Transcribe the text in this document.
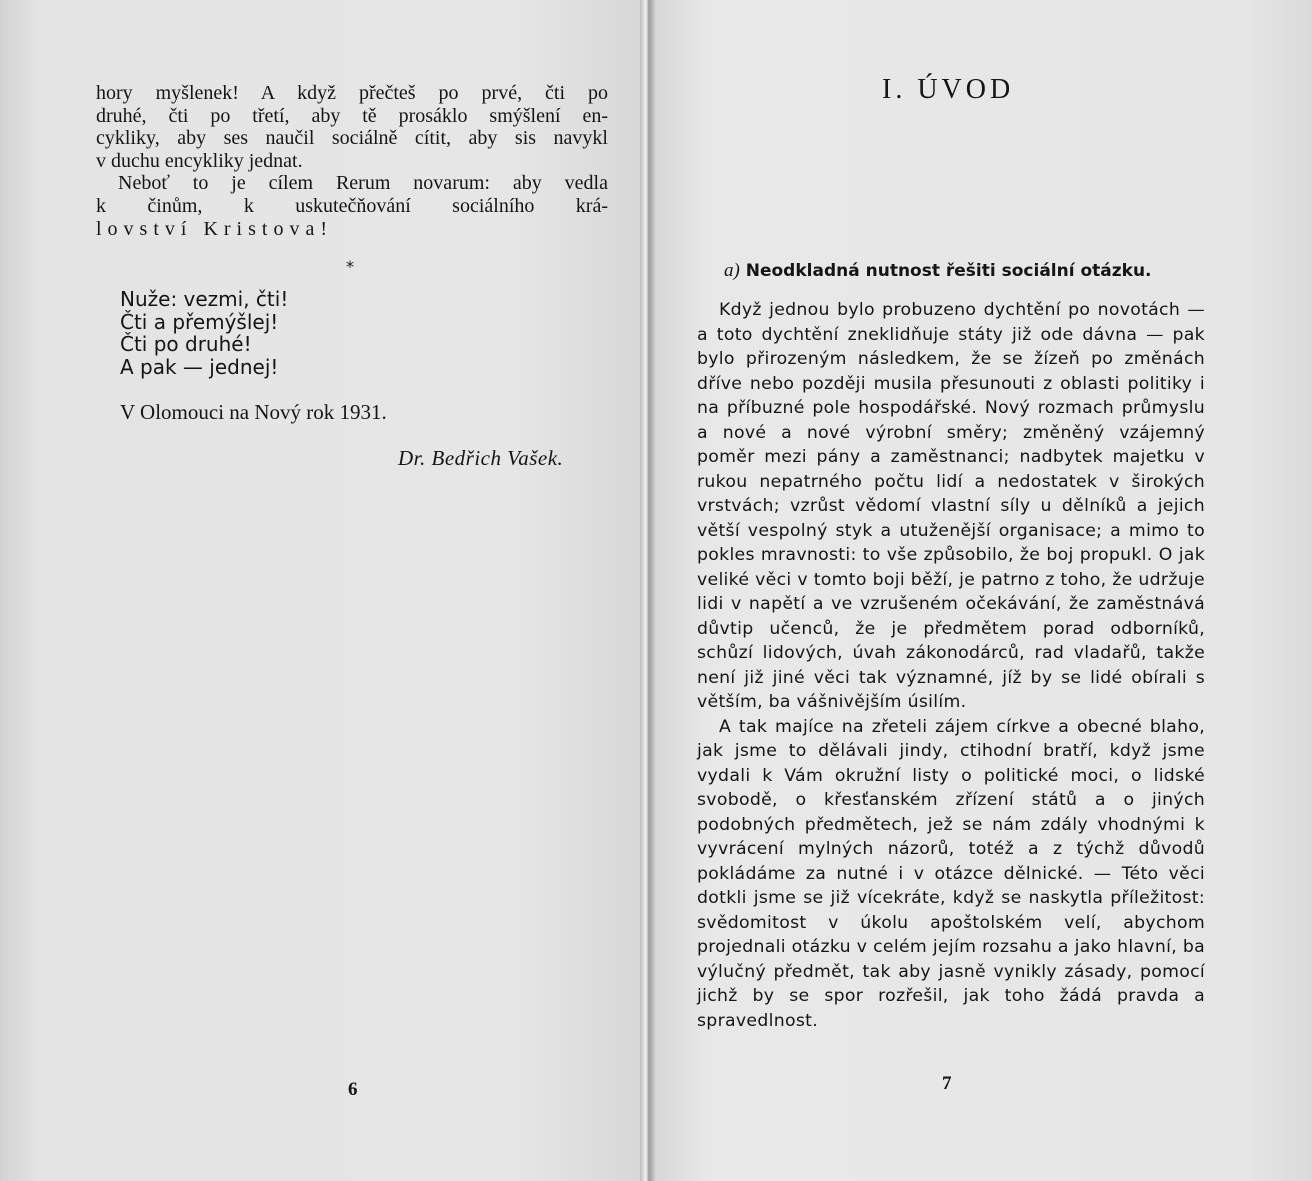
hory myšlenek! A když přečteš po prvé, čti po

druhé, čti po třetí, aby tě prosáklo smýšlení en-

cykliky, aby ses naučil sociálně cítit, aby sis navykl

v duchu encykliky jednat.

Neboť to je cílem Rerum novarum: aby vedla

k činům, k uskutečňování sociálního krá-

lovství Kristova!

*
Nuže: vezmi, čti!
Čti a přemýšlej!
Čti po druhé!
A pak — jednej!
V Olomouci na Nový rok 1931.
Dr. Bedřich Vašek.
6
I. ÚVOD
a) Neodkladná nutnost řešiti sociální otázku.

Když jednou bylo probuzeno dychtění po novotách — a toto dychtění zneklidňuje státy již ode dávna — pak bylo přirozeným následkem, že se žízeň po změnách dříve nebo později musila přesunouti z oblasti politiky i na příbuzné pole hospodářské. Nový rozmach průmyslu a nové a nové výrobní směry; změněný vzájemný poměr mezi pány a zaměstnanci; nadbytek majetku v rukou nepatrného počtu lidí a nedostatek v širokých vrstvách; vzrůst vědomí vlastní síly u dělníků a jejich větší vespolný styk a utuženější organisace; a mimo to pokles mravnosti: to vše způsobilo, že boj propukl. O jak veliké věci v tomto boji běží, je patrno z toho, že udržuje lidi v napětí a ve vzrušeném očekávání, že zaměstnává důvtip učenců, že je předmětem porad odborníků, schůzí lidových, úvah zákonodárců, rad vladařů, takže není již jiné věci tak významné, jíž by se lidé obírali s větším, ba vášnivějším úsilím.

A tak majíce na zřeteli zájem církve a obecné blaho, jak jsme to dělávali jindy, ctihodní bratří, když jsme vydali k Vám okružní listy o politické moci, o lidské svobodě, o křesťanském zřízení států a o jiných podobných předmětech, jež se nám zdály vhodnými k vyvrácení mylných názorů, totéž a z týchž důvodů pokládáme za nutné i v otázce dělnické. — Této věci dotkli jsme se již vícekráte, když se naskytla příležitost: svědomitost v úkolu apoštolském velí, abychom projednali otázku v celém jejím rozsahu a jako hlavní, ba výlučný předmět, tak aby jasně vynikly zásady, pomocí jichž by se spor rozřešil, jak toho žádá pravda a spravedlnost.

7
